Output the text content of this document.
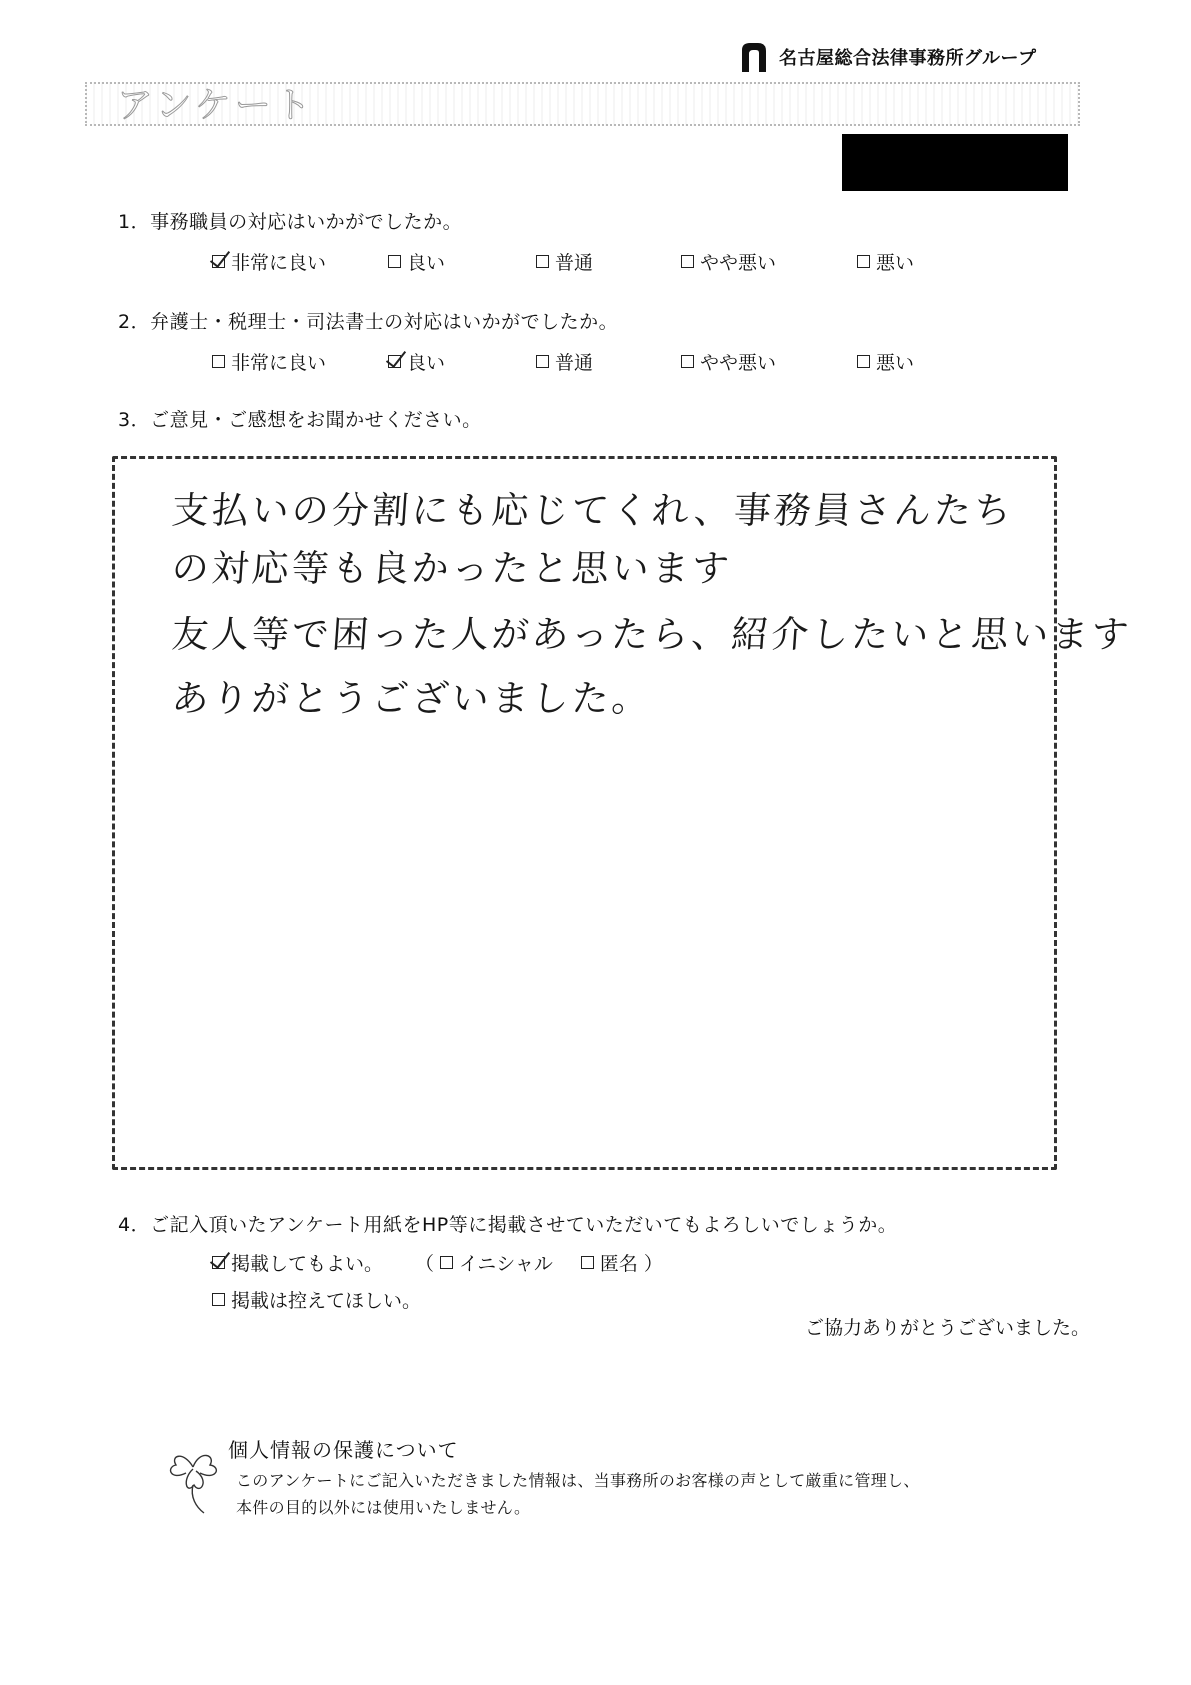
名古屋総合法律事務所グループ
アンケート
1．事務職員の対応はいかがでしたか。
非常に良い	良い	普通	やや悪い	悪い
2．弁護士・税理士・司法書士の対応はいかがでしたか。
非常に良い	良い	普通	やや悪い	悪い
3．ご意見・ご感想をお聞かせください。
支払いの分割にも応じてくれ、事務員さんたち
の対応等も良かったと思います
友人等で困った人があったら、紹介したいと思います
ありがとうございました。
4．ご記入頂いたアンケート用紙をHP等に掲載させていただいてもよろしいでしょうか。
掲載してもよい。 （ イニシャル 匿名 ）
掲載は控えてほしい。
ご協力ありがとうございました。
個人情報の保護について
このアンケートにご記入いただきました情報は、当事務所のお客様の声として厳重に管理し、
本件の目的以外には使用いたしません。
